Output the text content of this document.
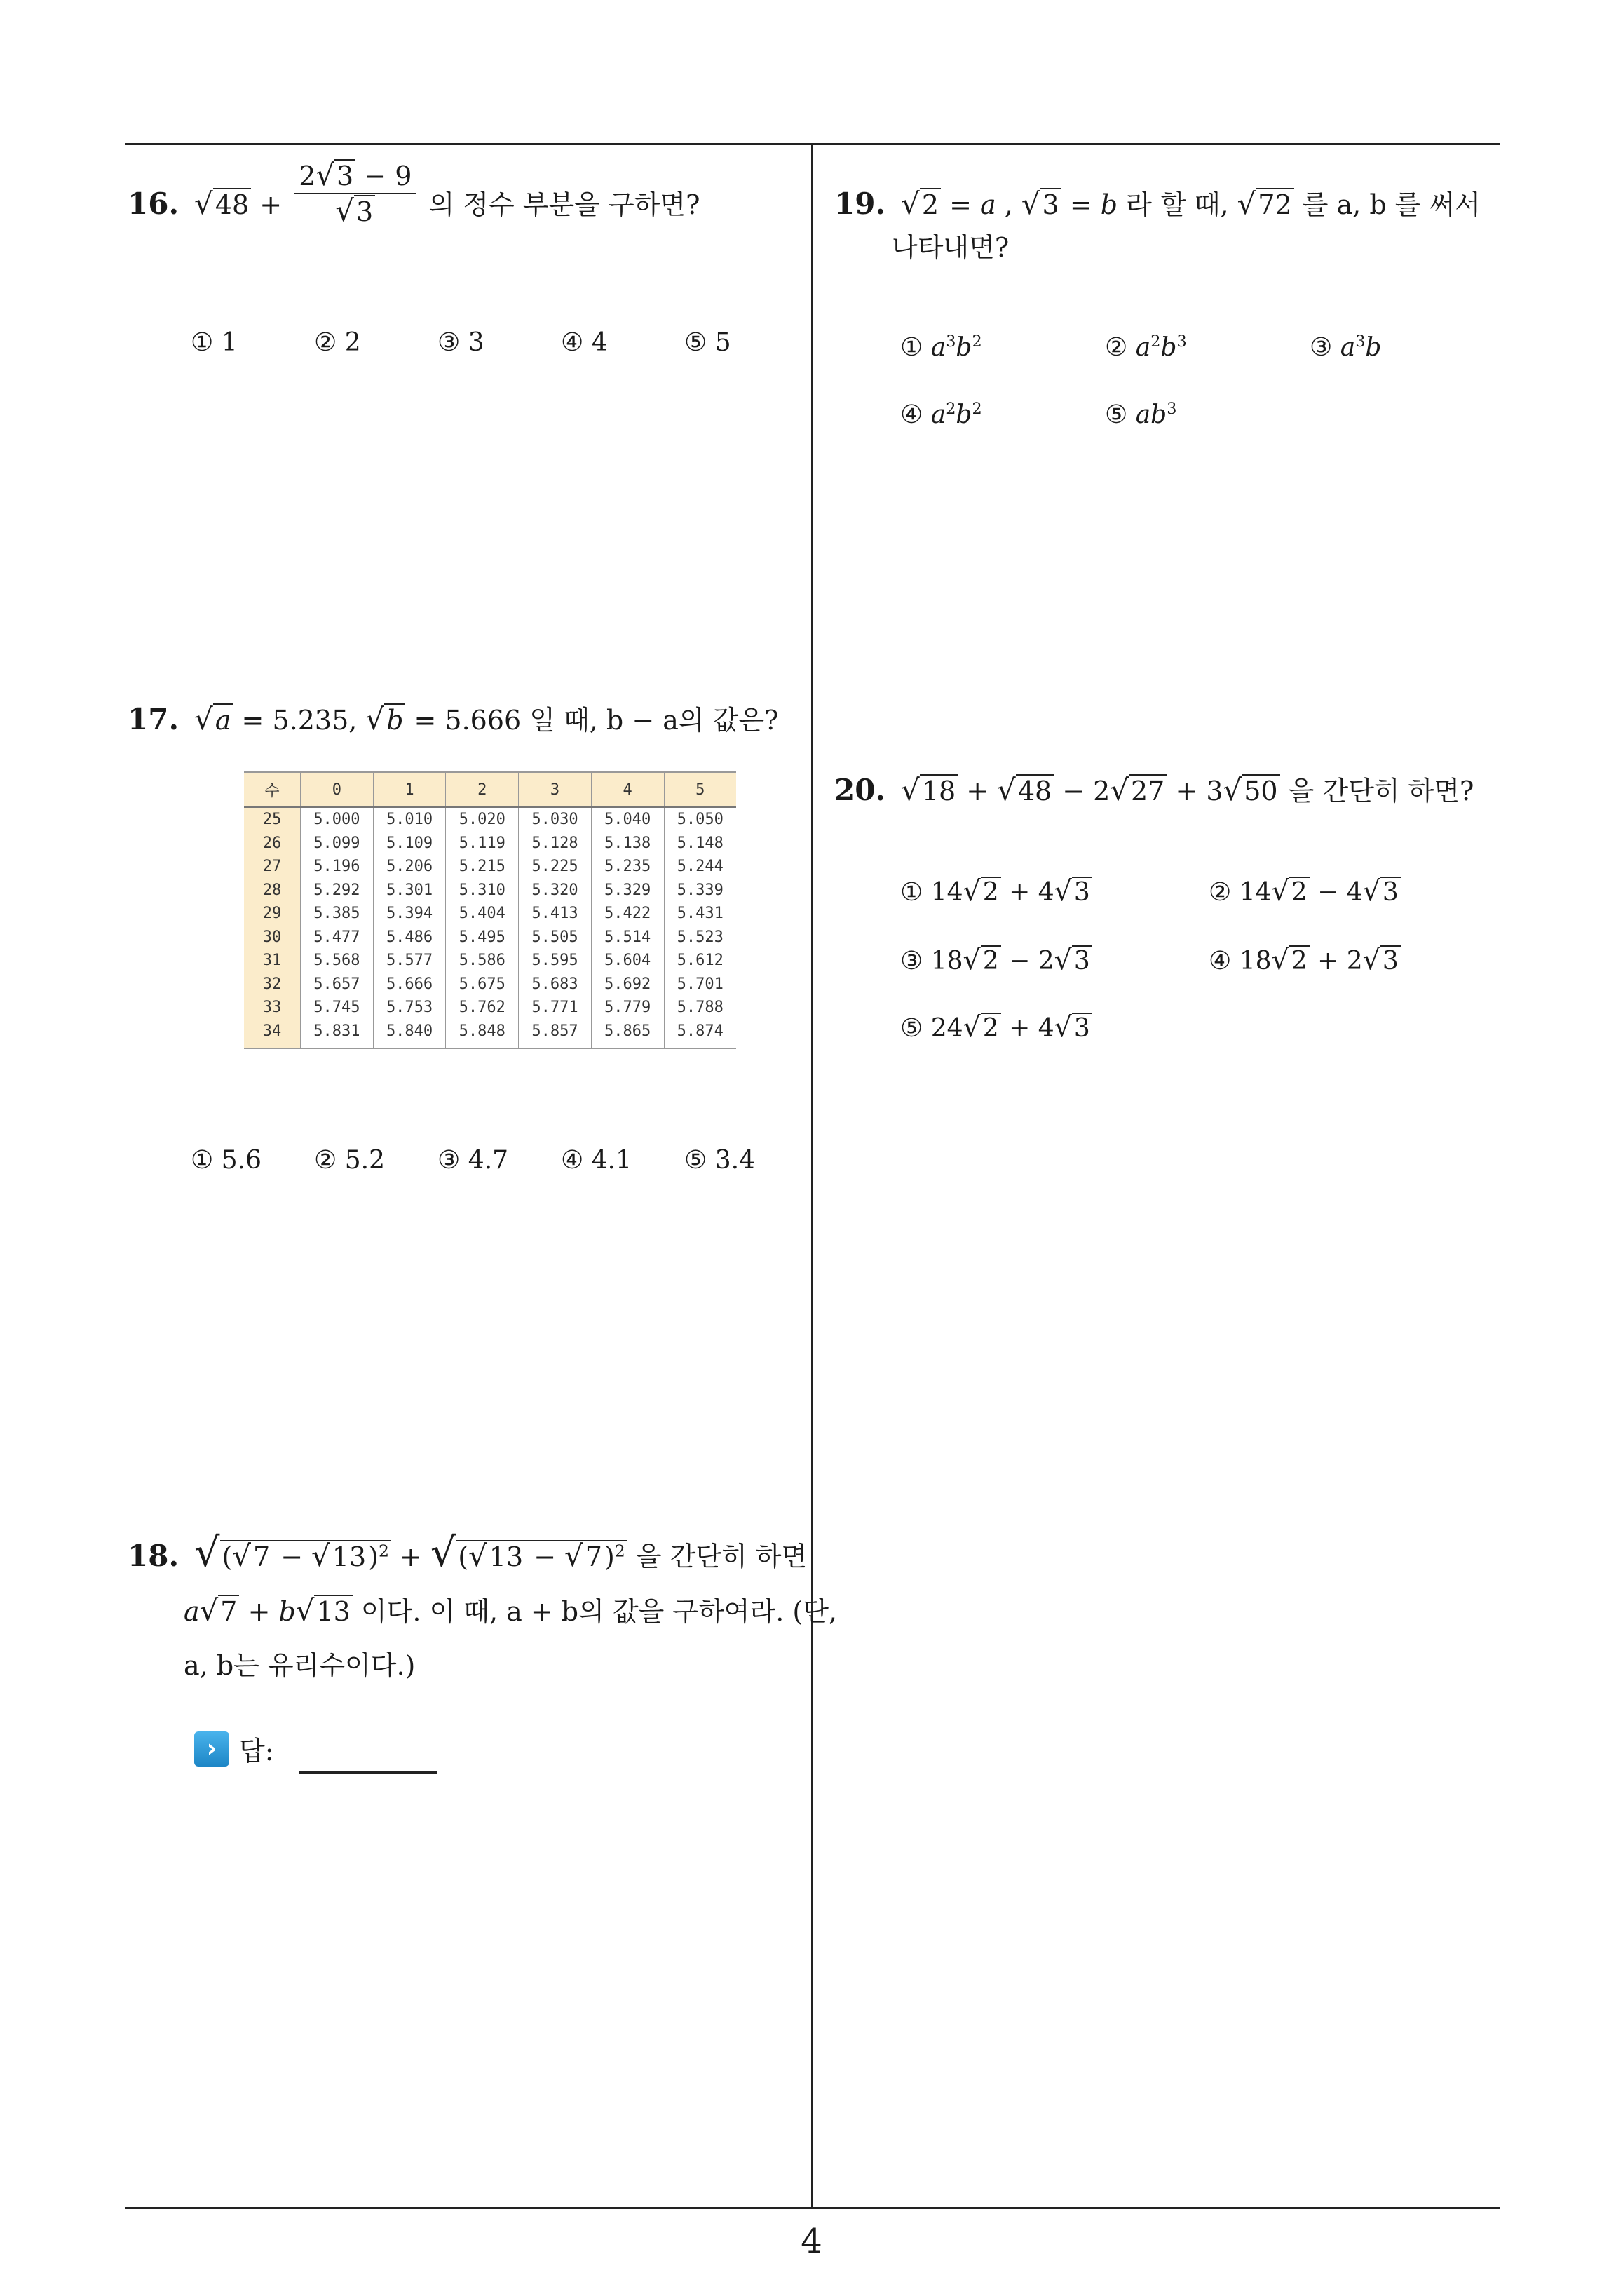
16. $√48 + \frac{2√3 - 9}{√3}$ 의 정수 부분을 구하면?
① 1	② 2	③ 3	④ 4	⑤ 5
17. √a = 5.235, √b = 5.666 일 때, b − a의 값은?
수	0	1	2	3	4	5
25	5.000	5.010	5.020	5.030	5.040	5.050
26	5.099	5.109	5.119	5.128	5.138	5.148
27	5.196	5.206	5.215	5.225	5.235	5.244
28	5.292	5.301	5.310	5.320	5.329	5.339
29	5.385	5.394	5.404	5.413	5.422	5.431
30	5.477	5.486	5.495	5.505	5.514	5.523
31	5.568	5.577	5.586	5.595	5.604	5.612
32	5.657	5.666	5.675	5.683	5.692	5.701
33	5.745	5.753	5.762	5.771	5.779	5.788
34	5.831	5.840	5.848	5.857	5.865	5.874
① 5.6 ② 5.2 ③ 4.7 ④ 4.1 ⑤ 3.4
18. $√(√7 - √13)^2 + √(√13 - √7)^2$ 을 간단히 하면
a√7 + b√13 이다. 이 때, a + b의 값을 구하여라. (단,
a, b는 유리수이다.)
› 답:
19. √2 = a , √3 = b 라 할 때, √72 를 a, b 를 써서
나타내면?
① $a^3b^2$	② $a^2b^3$	③ $a^3b$
④ $a^2b^2$	⑤ $ab^3$
20. √18 + √48 − 2√27 + 3√50 을 간단히 하면?
① 14√2 + 4√3	② 14√2 − 4√3
③ 18√2 − 2√3	④ 18√2 + 2√3
⑤ 24√2 + 4√3
4
